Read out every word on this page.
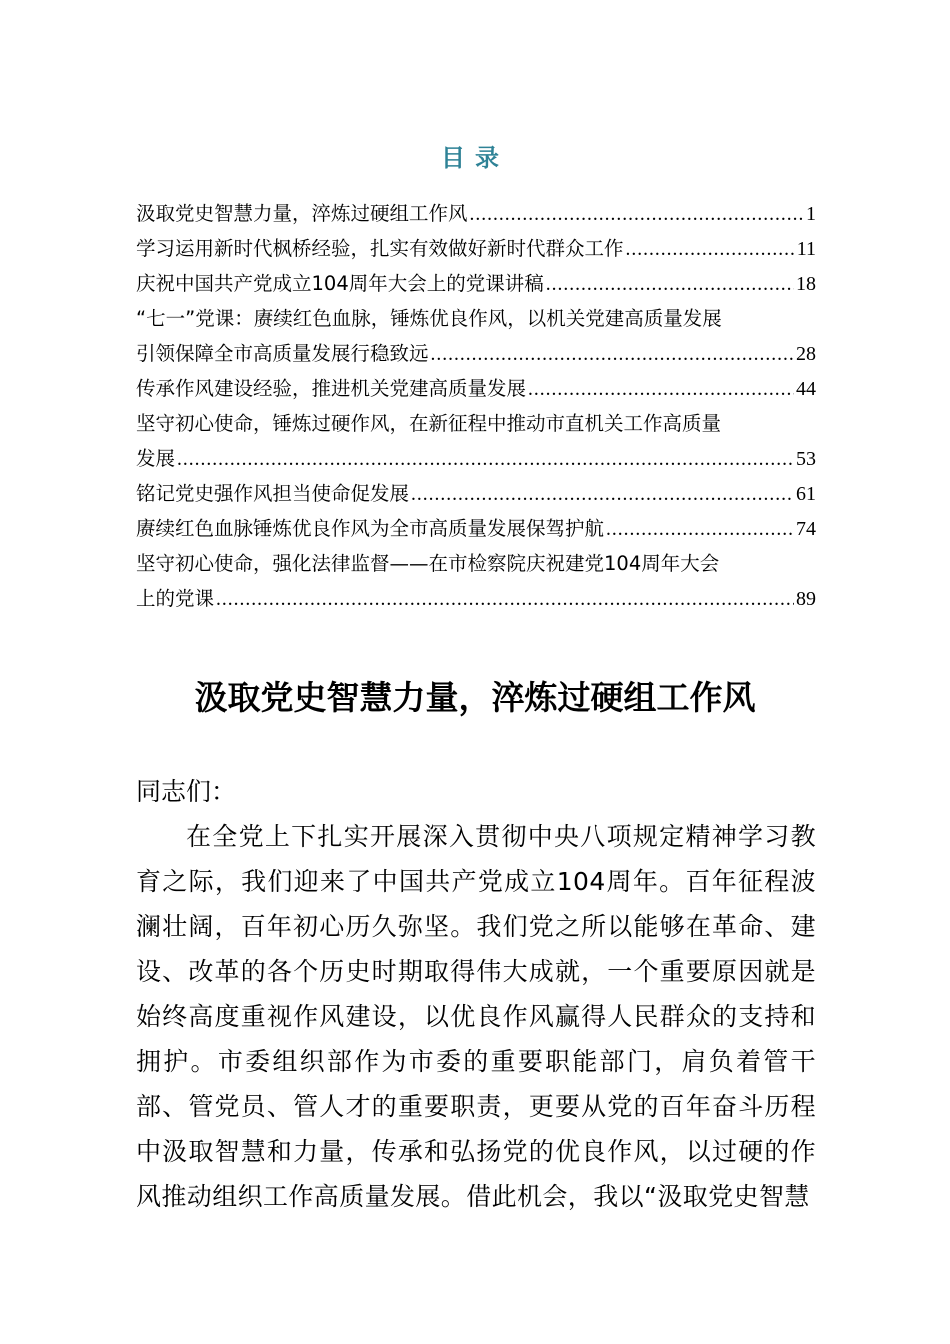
目录
汲取党史智慧力量，淬炼过硬组工作风 .....	1
学习运用新时代枫桥经验，扎实有效做好新时代群众工作 .....	11
庆祝中国共产党成立104周年大会上的党课讲稿 .....	18
“七一”党课：赓续红色血脉，锤炼优良作风，以机关党建高质量发展
引领保障全市高质量发展行稳致远 .....	28
传承作风建设经验，推进机关党建高质量发展 .....	44
坚守初心使命，锤炼过硬作风，在新征程中推动市直机关工作高质量
发展 .....	53
铭记党史强作风担当使命促发展 .....	61
赓续红色血脉锤炼优良作风为全市高质量发展保驾护航 .....	74
坚守初心使命，强化法律监督——在市检察院庆祝建党104周年大会
上的党课 .....	89
汲取党史智慧力量，淬炼过硬组工作风
同志们：

在全党上下扎实开展深入贯彻中央八项规定精神学习教育之际，我们迎来了中国共产党成立104周年。百年征程波澜壮阔，百年初心历久弥坚。我们党之所以能够在革命、建设、改革的各个历史时期取得伟大成就，一个重要原因就是始终高度重视作风建设，以优良作风赢得人民群众的支持和拥护。市委组织部作为市委的重要职能部门，肩负着管干部、管党员、管人才的重要职责，更要从党的百年奋斗历程中汲取智慧和力量，传承和弘扬党的优良作风，以过硬的作风推动组织工作高质量发展。借此机会，我以“汲取党史智慧
